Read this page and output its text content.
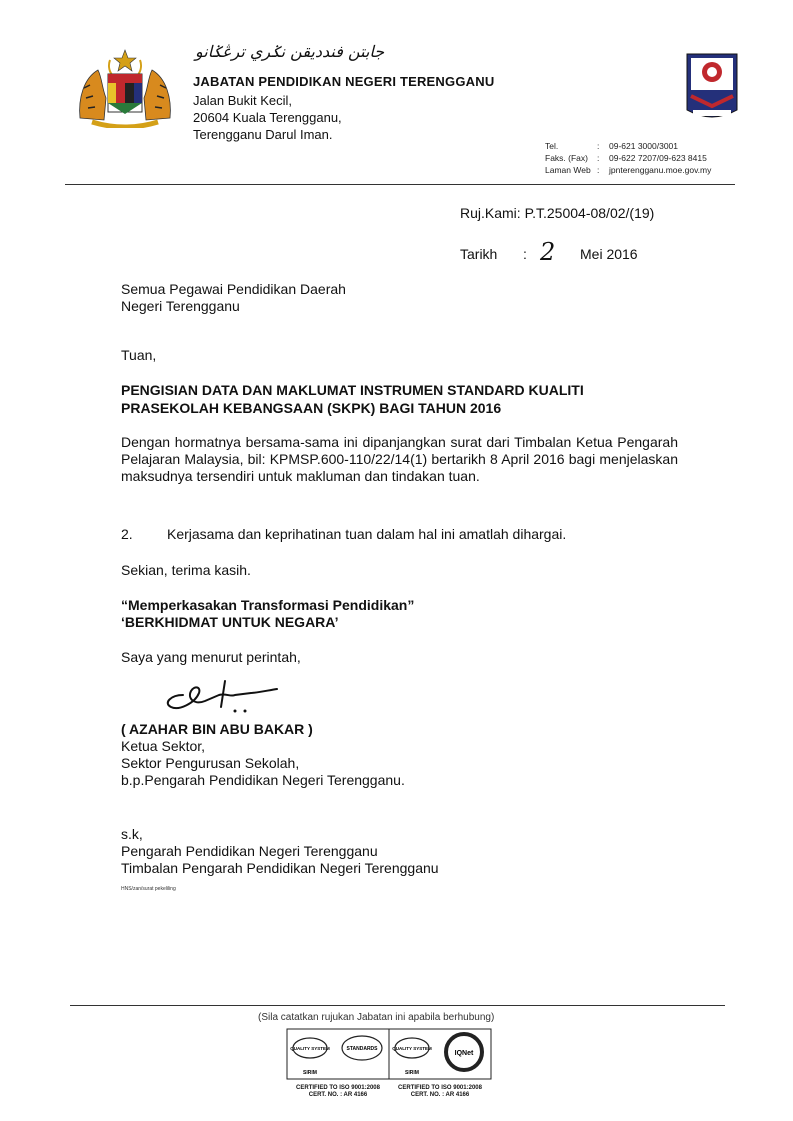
جابتن فندديقن نݢري ترڠݢانو
JABATAN PENDIDIKAN NEGERI TERENGGANU
Jalan Bukit Kecil,
20604 Kuala Terengganu,
Terengganu Darul Iman.
Tel.	: 09-621 3000/3001
Faks. (Fax) : 09-622 7207/09-623 8415
Laman Web : jpnterengganu.moe.gov.my
Ruj.Kami: P.T.25004-08/02/(19)
Tarikh : 2 Mei 2016
Semua Pegawai Pendidikan Daerah
Negeri Terengganu
Tuan,
PENGISIAN DATA DAN MAKLUMAT INSTRUMEN STANDARD KUALITI
PRASEKOLAH KEBANGSAAN (SKPK) BAGI TAHUN 2016
Dengan hormatnya bersama-sama ini dipanjangkan surat dari Timbalan Ketua Pengarah Pelajaran Malaysia, bil: KPMSP.600-110/22/14(1) bertarikh 8 April 2016 bagi menjelaskan maksudnya tersendiri untuk makluman dan tindakan tuan.
2. Kerjasama dan keprihatinan tuan dalam hal ini amatlah dihargai.
Sekian, terima kasih.
“Memperkasakan Transformasi Pendidikan”
‘BERKHIDMAT UNTUK NEGARA’
Saya yang menurut perintah,
( AZAHAR BIN ABU BAKAR )
Ketua Sektor,
Sektor Pengurusan Sekolah,
b.p.Pengarah Pendidikan Negeri Terengganu.
s.k,
Pengarah Pendidikan Negeri Terengganu
Timbalan Pengarah Pendidikan Negeri Terengganu
HNS/zan/surat pekeliling
(Sila catatkan rujukan Jabatan ini apabila berhubung)
QUALITY SYSTEM	STANDARDS
SIRIM
CERTIFIED TO ISO 9001:2008
CERT. NO. : AR 4166
QUALITY SYSTEM
IQNet
SIRIM
CERTIFIED TO ISO 9001:2008
CERT. NO. : AR 4166
